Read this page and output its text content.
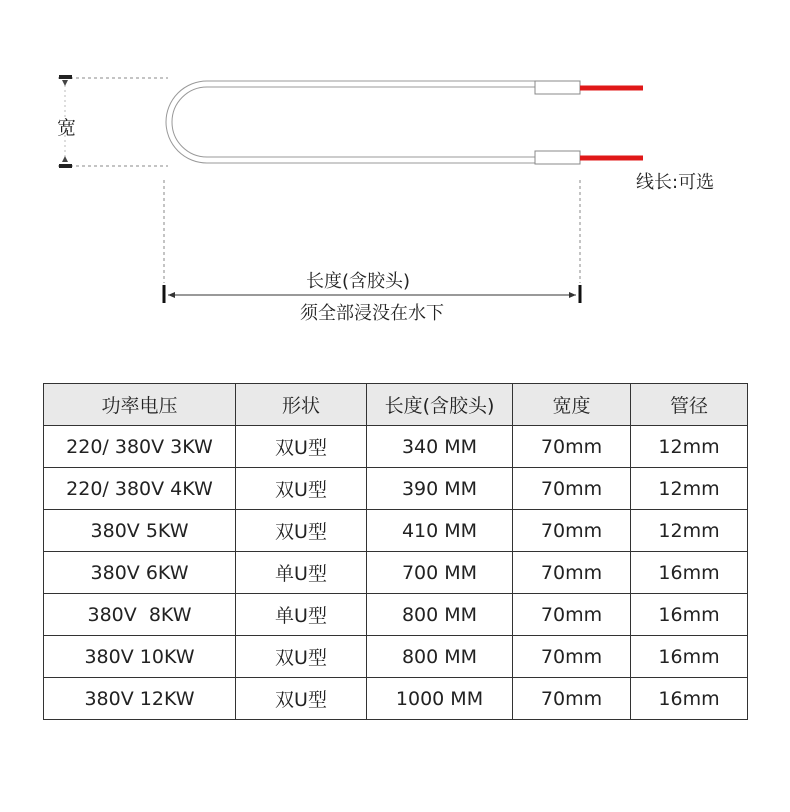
宽
线长:可选
长度(含胶头)
须全部浸没在水下
功率电压	形状	长度(含胶头)	宽度	管径
220/ 380V 3KW	双U型	340 MM	70mm	12mm
220/ 380V 4KW	双U型	390 MM	70mm	12mm
380V 5KW	双U型	410 MM	70mm	12mm
380V 6KW	单U型	700 MM	70mm	16mm
380V  8KW	单U型	800 MM	70mm	16mm
380V 10KW	双U型	800 MM	70mm	16mm
380V 12KW	双U型	1000 MM	70mm	16mm
